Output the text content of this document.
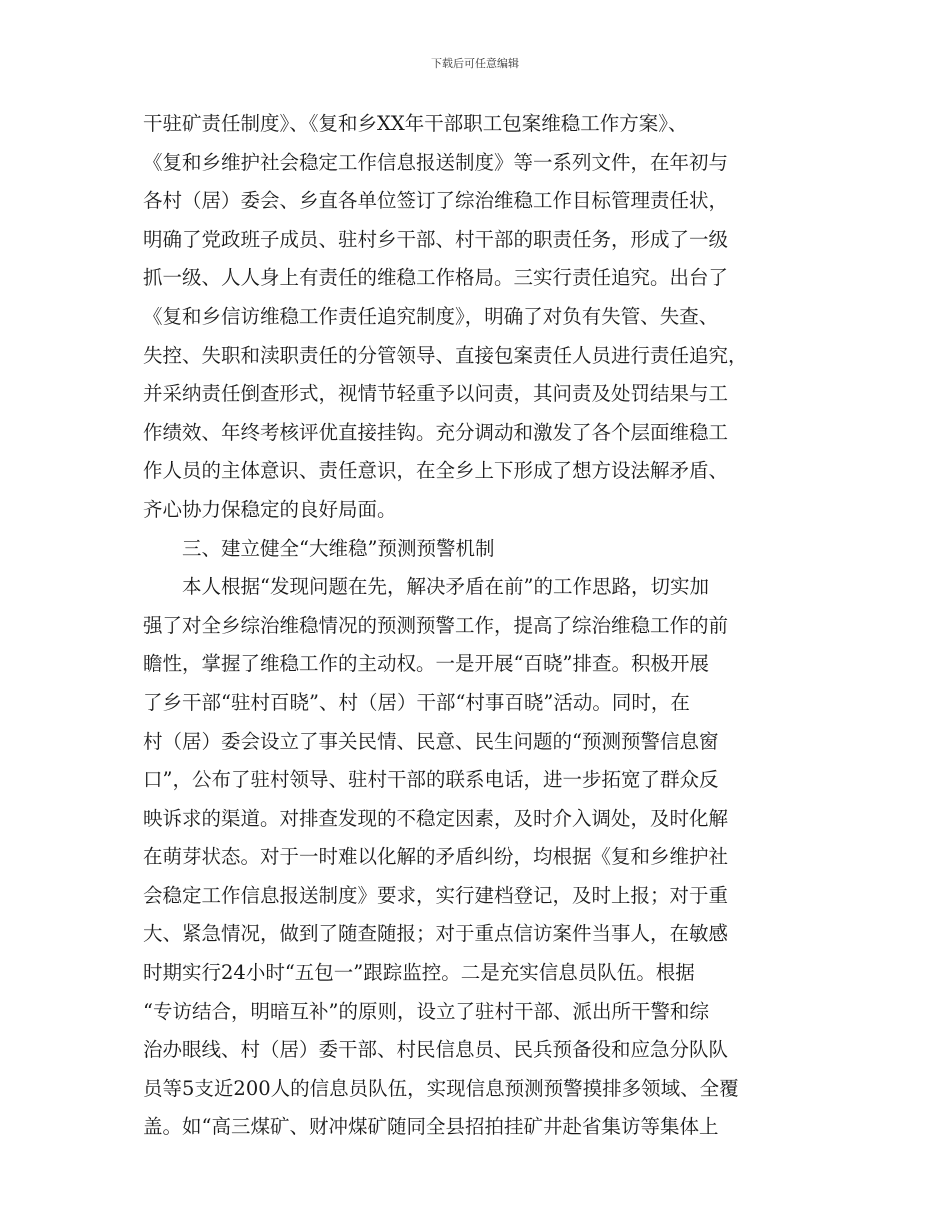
下载后可任意编辑
干驻矿责任制度》、《复和乡XX年干部职工包案维稳工作方案》、
《复和乡维护社会稳定工作信息报送制度》等一系列文件，在年初与
各村（居）委会、乡直各单位签订了综治维稳工作目标管理责任状，
明确了党政班子成员、驻村乡干部、村干部的职责任务，形成了一级
抓一级、人人身上有责任的维稳工作格局。三实行责任追究。出台了
《复和乡信访维稳工作责任追究制度》，明确了对负有失管、失查、
失控、失职和渎职责任的分管领导、直接包案责任人员进行责任追究，
并采纳责任倒查形式，视情节轻重予以问责，其问责及处罚结果与工
作绩效、年终考核评优直接挂钩。充分调动和激发了各个层面维稳工
作人员的主体意识、责任意识，在全乡上下形成了想方设法解矛盾、
齐心协力保稳定的良好局面。
三、建立健全“大维稳”预测预警机制
本人根据“发现问题在先，解决矛盾在前”的工作思路，切实加
强了对全乡综治维稳情况的预测预警工作，提高了综治维稳工作的前
瞻性，掌握了维稳工作的主动权。一是开展“百晓”排查。积极开展
了乡干部“驻村百晓”、村（居）干部“村事百晓”活动。同时，在
村（居）委会设立了事关民情、民意、民生问题的“预测预警信息窗
口”，公布了驻村领导、驻村干部的联系电话，进一步拓宽了群众反
映诉求的渠道。对排查发现的不稳定因素，及时介入调处，及时化解
在萌芽状态。对于一时难以化解的矛盾纠纷，均根据《复和乡维护社
会稳定工作信息报送制度》要求，实行建档登记，及时上报；对于重
大、紧急情况，做到了随查随报；对于重点信访案件当事人，在敏感
时期实行24小时“五包一”跟踪监控。二是充实信息员队伍。根据
“专访结合，明暗互补”的原则，设立了驻村干部、派出所干警和综
治办眼线、村（居）委干部、村民信息员、民兵预备役和应急分队队
员等5支近200人的信息员队伍，实现信息预测预警摸排多领域、全覆
盖。如“高三煤矿、财冲煤矿随同全县招拍挂矿井赴省集访等集体上
